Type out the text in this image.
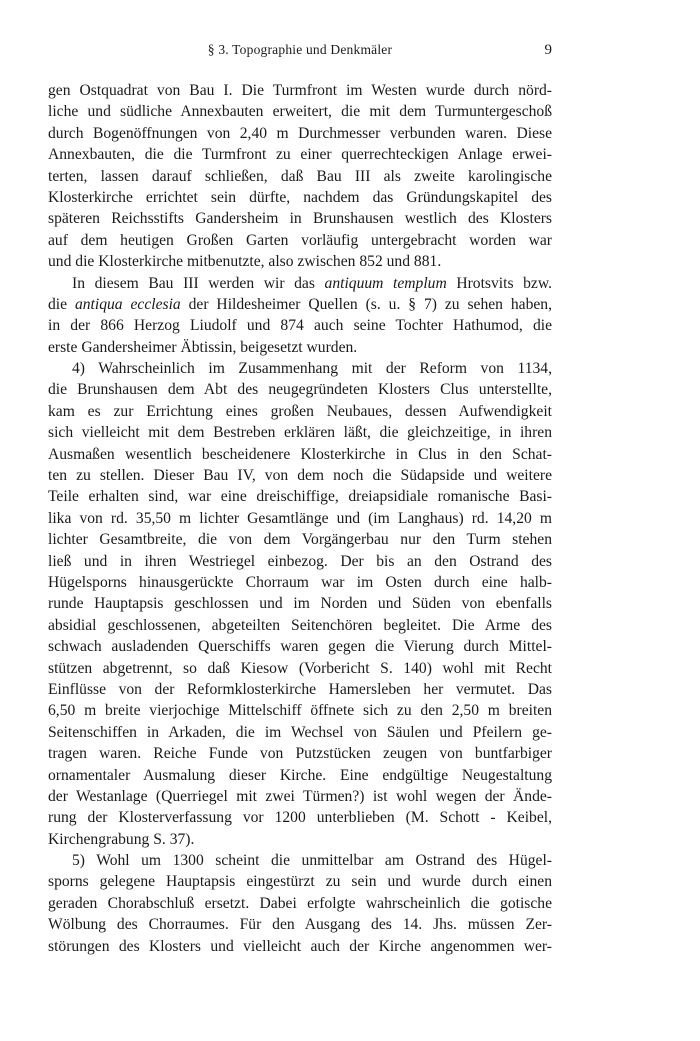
§ 3. Topographie und Denkmäler	9
gen Ostquadrat von Bau I. Die Turmfront im Westen wurde durch nörd-
liche und südliche Annexbauten erweitert, die mit dem Turmuntergeschoß
durch Bogenöffnungen von 2,40 m Durchmesser verbunden waren. Diese
Annexbauten, die die Turmfront zu einer querrechteckigen Anlage erwei-
terten, lassen darauf schließen, daß Bau III als zweite karolingische
Klosterkirche errichtet sein dürfte, nachdem das Gründungskapitel des
späteren Reichsstifts Gandersheim in Brunshausen westlich des Klosters
auf dem heutigen Großen Garten vorläufig untergebracht worden war
und die Klosterkirche mitbenutzte, also zwischen 852 und 881.
In diesem Bau III werden wir das antiquum templum Hrotsvits bzw.
die antiqua ecclesia der Hildesheimer Quellen (s. u. § 7) zu sehen haben,
in der 866 Herzog Liudolf und 874 auch seine Tochter Hathumod, die
erste Gandersheimer Äbtissin, beigesetzt wurden.
4) Wahrscheinlich im Zusammenhang mit der Reform von 1134,
die Brunshausen dem Abt des neugegründeten Klosters Clus unterstellte,
kam es zur Errichtung eines großen Neubaues, dessen Aufwendigkeit
sich vielleicht mit dem Bestreben erklären läßt, die gleichzeitige, in ihren
Ausmaßen wesentlich bescheidenere Klosterkirche in Clus in den Schat-
ten zu stellen. Dieser Bau IV, von dem noch die Südapside und weitere
Teile erhalten sind, war eine dreischiffige, dreiapsidiale romanische Basi-
lika von rd. 35,50 m lichter Gesamtlänge und (im Langhaus) rd. 14,20 m
lichter Gesamtbreite, die von dem Vorgängerbau nur den Turm stehen
ließ und in ihren Westriegel einbezog. Der bis an den Ostrand des
Hügelsporns hinausgerückte Chorraum war im Osten durch eine halb-
runde Hauptapsis geschlossen und im Norden und Süden von ebenfalls
absidial geschlossenen, abgeteilten Seitenchören begleitet. Die Arme des
schwach ausladenden Querschiffs waren gegen die Vierung durch Mittel-
stützen abgetrennt, so daß Kiesow (Vorbericht S. 140) wohl mit Recht
Einflüsse von der Reformklosterkirche Hamersleben her vermutet. Das
6,50 m breite vierjochige Mittelschiff öffnete sich zu den 2,50 m breiten
Seitenschiffen in Arkaden, die im Wechsel von Säulen und Pfeilern ge-
tragen waren. Reiche Funde von Putzstücken zeugen von buntfarbiger
ornamentaler Ausmalung dieser Kirche. Eine endgültige Neugestaltung
der Westanlage (Querriegel mit zwei Türmen?) ist wohl wegen der Ände-
rung der Klosterverfassung vor 1200 unterblieben (M. Schott - Keibel,
Kirchengrabung S. 37).
5) Wohl um 1300 scheint die unmittelbar am Ostrand des Hügel-
sporns gelegene Hauptapsis eingestürzt zu sein und wurde durch einen
geraden Chorabschluß ersetzt. Dabei erfolgte wahrscheinlich die gotische
Wölbung des Chorraumes. Für den Ausgang des 14. Jhs. müssen Zer-
störungen des Klosters und vielleicht auch der Kirche angenommen wer-
